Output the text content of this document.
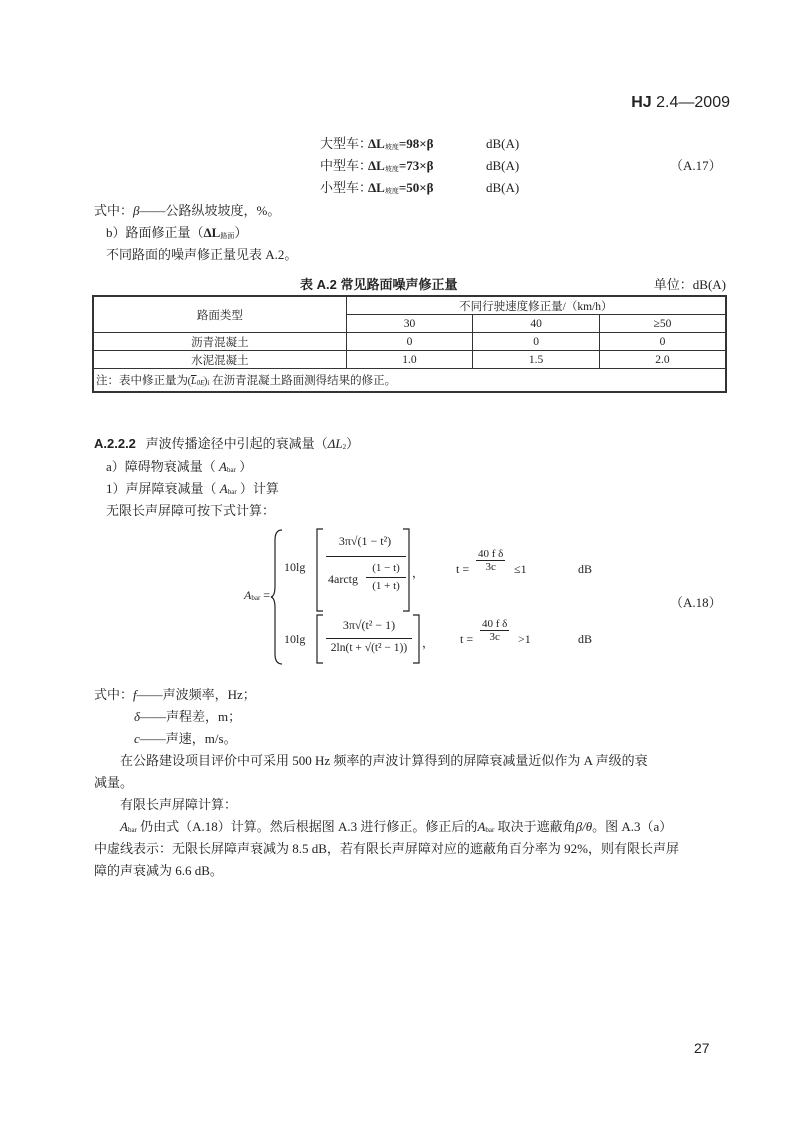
HJ 2.4—2009
大型车：ΔL坡度=98×β	dB(A)
中型车：ΔL坡度=73×β	dB(A)
小型车：ΔL坡度=50×β	dB(A)
（A.17）
式中：β——公路纵坡坡度，%。
b）路面修正量（ΔL路面）
不同路面的噪声修正量见表 A.2。
表 A.2 常见路面噪声修正量	单位：dB(A)
路面类型	不同行驶速度修正量/（km/h）		
	30	40	≥50
沥青混凝土	0	0	0
水泥混凝土	1.0	1.5	2.0
注：表中修正量为 $\overline{L}0E$ i 在沥青混凝土路面测得结果的修正。			
A.2.2.2 声波传播途径中引起的衰减量（ΔL2）
a）障碍物衰减量（ Abar ）
1）声屏障衰减量（ Abar ）计算
无限长声屏障可按下式计算：
Abar =
10lg
3π√(1 − t²)
4arctg
(1 − t)
(1 + t)
，	$t = \frac{\text{40 f δ}}{3c} \le 1$	dB
10lg
3π√(t² − 1)
2ln(t + √(t² − 1))	， $t = \frac{\text{40 f δ}}{3c} >1$	dB
（A.18）
式中：f——声波频率，Hz；
δ——声程差，m；
c——声速，m/s。
在公路建设项目评价中可采用 500 Hz 频率的声波计算得到的屏障衰减量近似作为 A 声级的衰
减量。
有限长声屏障计算：
Abar 仍由式（A.18）计算。然后根据图 A.3 进行修正。修正后的Abar 取决于遮蔽角β/θ。图 A.3（a）
中虚线表示：无限长屏障声衰减为 8.5 dB，若有限长声屏障对应的遮蔽角百分率为 92%，则有限长声屏
障的声衰减为 6.6 dB。
27
